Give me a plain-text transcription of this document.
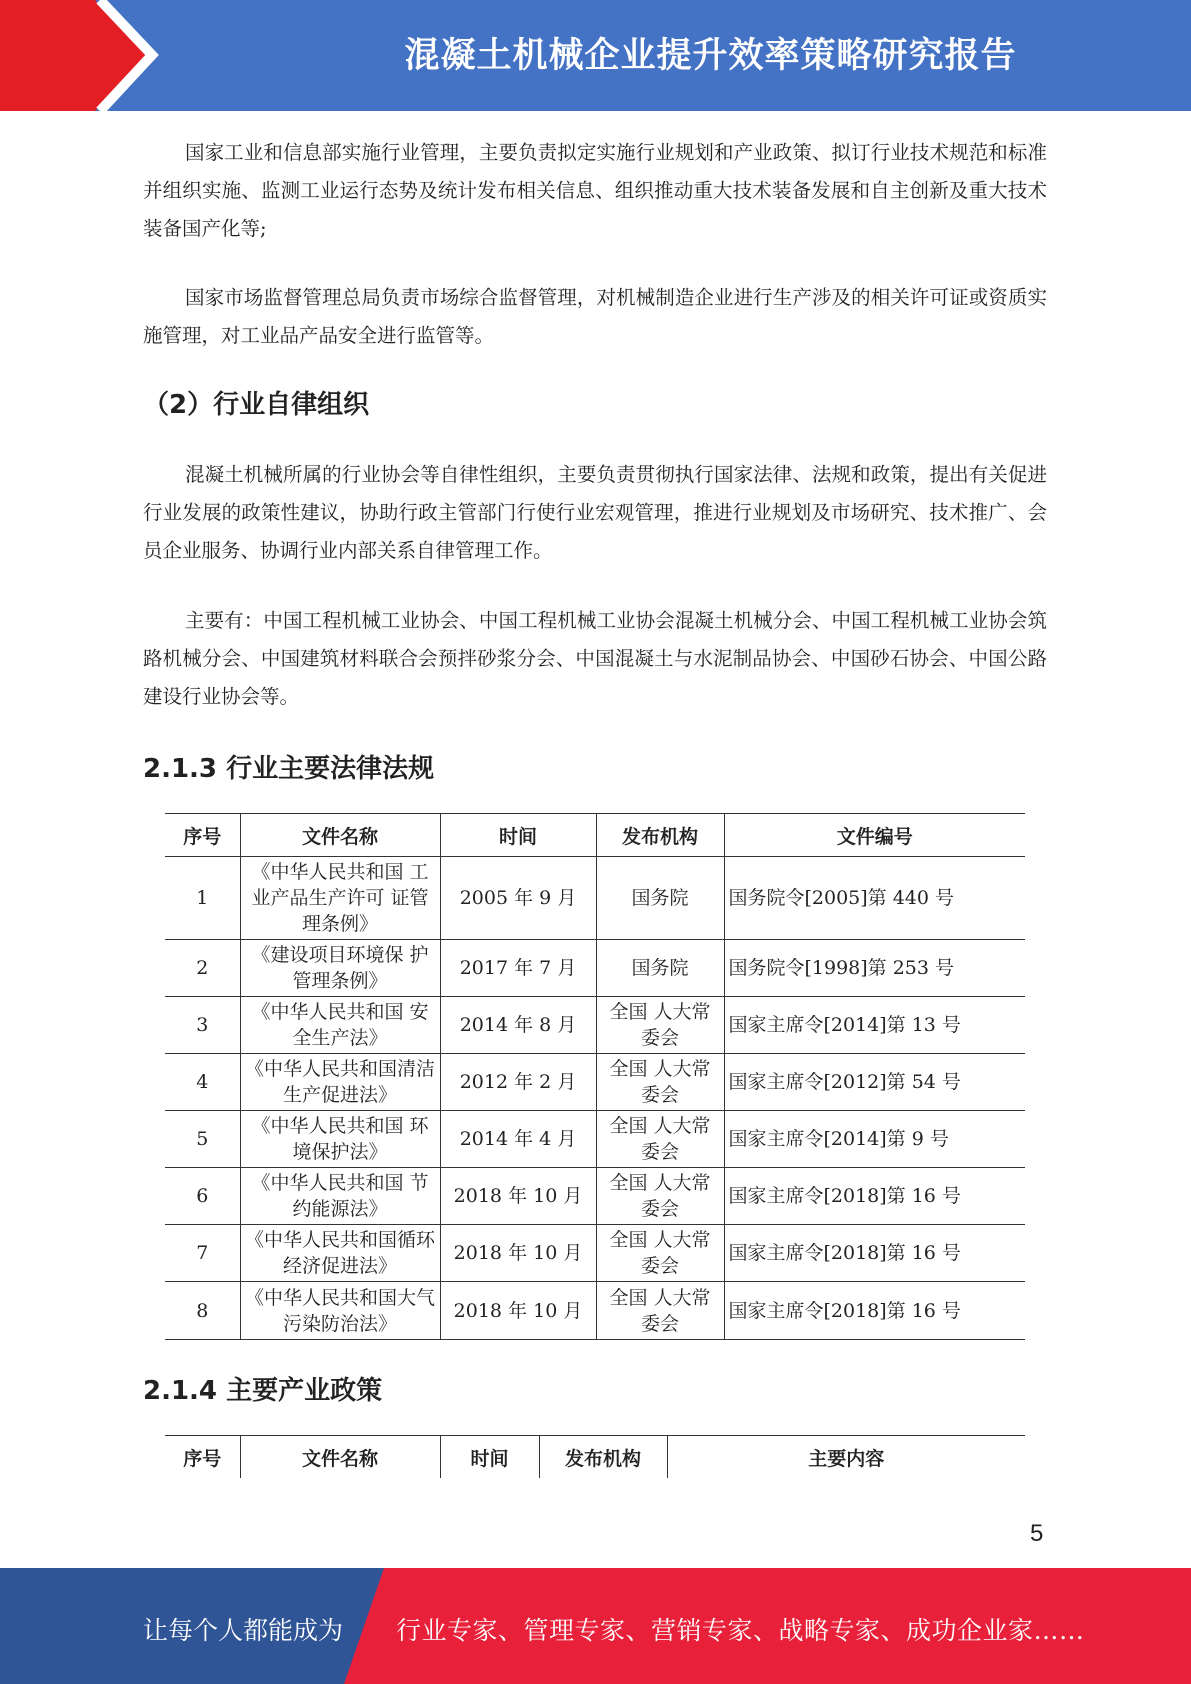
混凝土机械企业提升效率策略研究报告

国家工业和信息部实施行业管理，主要负责拟定实施行业规划和产业政策、拟订行业技术规范和标准并组织实施、监测工业运行态势及统计发布相关信息、组织推动重大技术装备发展和自主创新及重大技术装备国产化等;

国家市场监督管理总局负责市场综合监督管理，对机械制造企业进行生产涉及的相关许可证或资质实施管理，对工业品产品安全进行监管等。

（2）行业自律组织

混凝土机械所属的行业协会等自律性组织，主要负责贯彻执行国家法律、法规和政策，提出有关促进行业发展的政策性建议，协助行政主管部门行使行业宏观管理，推进行业规划及市场研究、技术推广、会员企业服务、协调行业内部关系自律管理工作。

主要有：中国工程机械工业协会、中国工程机械工业协会混凝土机械分会、中国工程机械工业协会筑路机械分会、中国建筑材料联合会预拌砂浆分会、中国混凝土与水泥制品协会、中国砂石协会、中国公路建设行业协会等。

2.1.3 行业主要法律法规
序号	文件名称	时间	发布机构	文件编号
1	《中华人民共和国 工业产品生产许可 证管理条例》	2005 年 9 月	国务院	国务院令[2005]第 440 号
2	《建设项目环境保 护管理条例》	2017 年 7 月	国务院	国务院令[1998]第 253 号
3	《中华人民共和国 安全生产法》	2014 年 8 月	全国 人大常委会	国家主席令[2014]第 13 号
4	《中华人民共和国清洁生产促进法》	2012 年 2 月	全国 人大常委会	国家主席令[2012]第 54 号
5	《中华人民共和国 环境保护法》	2014 年 4 月	全国 人大常委会	国家主席令[2014]第 9 号
6	《中华人民共和国 节约能源法》	2018 年 10 月	全国 人大常委会	国家主席令[2018]第 16 号
7	《中华人民共和国循环经济促进法》	2018 年 10 月	全国 人大常委会	国家主席令[2018]第 16 号
8	《中华人民共和国大气污染防治法》	2018 年 10 月	全国 人大常委会	国家主席令[2018]第 16 号
2.1.4 主要产业政策
序号	文件名称	时间	发布机构	主要内容
5
让每个人都能成为 行业专家、管理专家、营销专家、战略专家、成功企业家……
